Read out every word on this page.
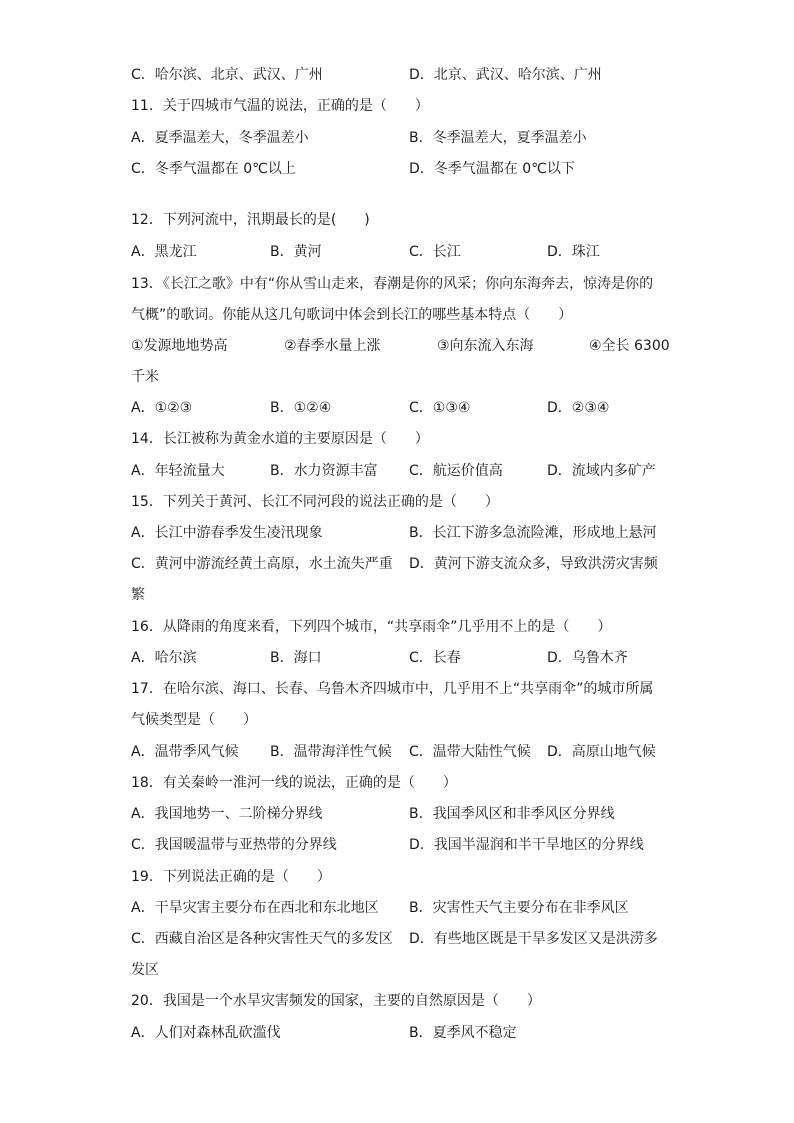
C．哈尔滨、北京、武汉、广州	D．北京、武汉、哈尔滨、广州
11．关于四城市气温的说法，正确的是（　　）
A．夏季温差大，冬季温差小	B．冬季温差大，夏季温差小
C．冬季气温都在 0℃以上	D．冬季气温都在 0℃以下
12．下列河流中，汛期最长的是(　　)
A．黑龙江	B．黄河	C．长江	D．珠江
13．《长江之歌》中有“你从雪山走来，春潮是你的风采；你向东海奔去，惊涛是你的
气概”的歌词。你能从这几句歌词中体会到长江的哪些基本特点（　　）
①发源地地势高	②春季水量上涨	③向东流入东海	④全长 6300
千米
A．①②③	B．①②④	C．①③④	D．②③④
14．长江被称为黄金水道的主要原因是（　　）
A．年轻流量大	B．水力资源丰富 C．航运价值高	D．流域内多矿产
15．下列关于黄河、长江不同河段的说法正确的是（　　）
A．长江中游春季发生凌汛现象	B．长江下游多急流险滩，形成地上悬河
C．黄河中游流经黄土高原，水土流失严重 D．黄河下游支流众多，导致洪涝灾害频
繁
16．从降雨的角度来看，下列四个城市，“共享雨伞”几乎用不上的是（　　）
A．哈尔滨	B．海口	C．长春	D．乌鲁木齐
17．在哈尔滨、海口、长春、乌鲁木齐四城市中，几乎用不上“共享雨伞”的城市所属
气候类型是（　　）
A．温带季风气候 B．温带海洋性气候 C．温带大陆性气候 D．高原山地气候
18．有关秦岭一淮河一线的说法，正确的是（　　）
A．我国地势一、二阶梯分界线	B．我国季风区和非季风区分界线
C．我国暖温带与亚热带的分界线	D．我国半湿润和半干旱地区的分界线
19．下列说法正确的是（　　）
A．干旱灾害主要分布在西北和东北地区 B．灾害性天气主要分布在非季风区
C．西藏自治区是各种灾害性天气的多发区 D．有些地区既是干旱多发区又是洪涝多
发区
20．我国是一个水旱灾害频发的国家，主要的自然原因是（　　）
A．人们对森林乱砍滥伐	B．夏季风不稳定
